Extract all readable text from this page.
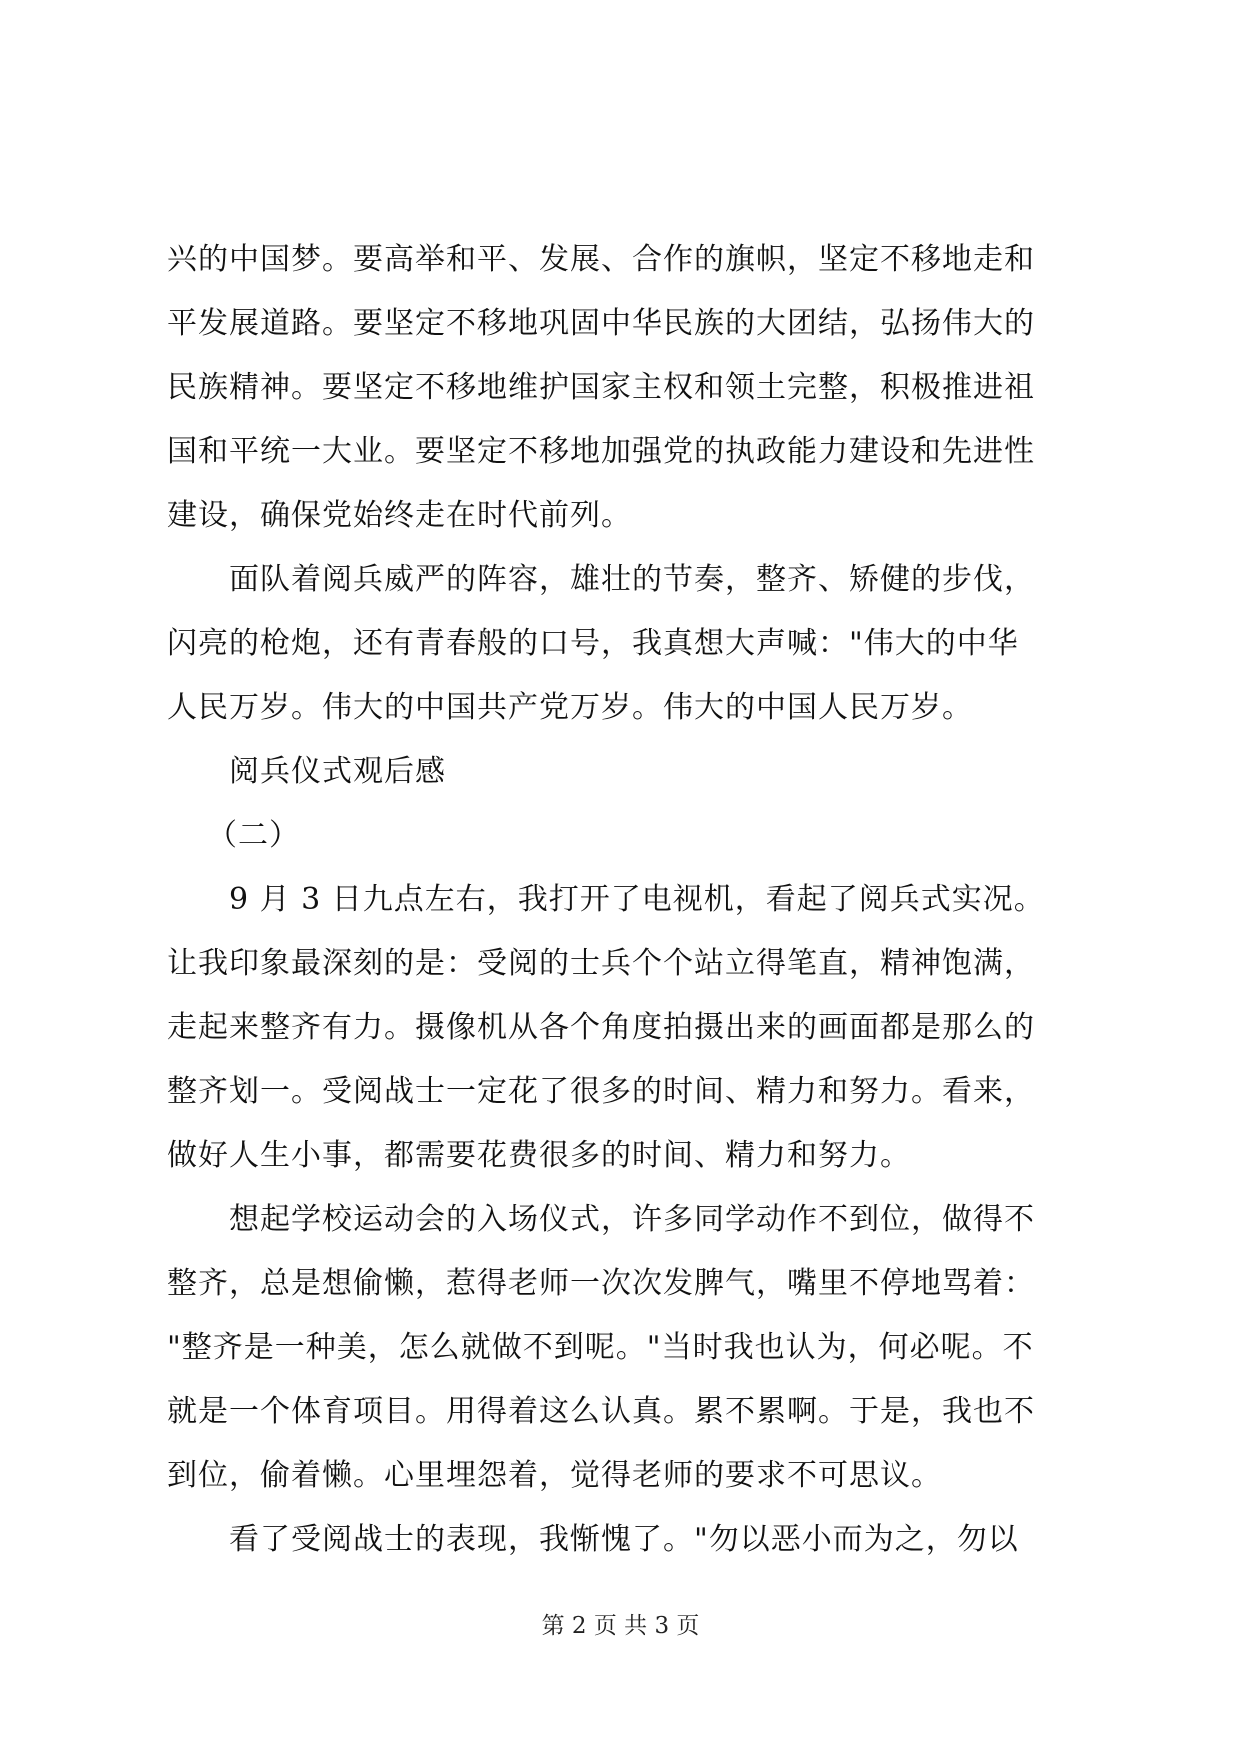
兴的中国梦。要高举和平、发展、合作的旗帜，坚定不移地走和
平发展道路。要坚定不移地巩固中华民族的大团结，弘扬伟大的
民族精神。要坚定不移地维护国家主权和领土完整，积极推进祖
国和平统一大业。要坚定不移地加强党的执政能力建设和先进性
建设，确保党始终走在时代前列。
面队着阅兵威严的阵容，雄壮的节奏，整齐、矫健的步伐，
闪亮的枪炮，还有青春般的口号，我真想大声喊："伟大的中华
人民万岁。伟大的中国共产党万岁。伟大的中国人民万岁。
阅兵仪式观后感
（二）
9 月 3 日九点左右，我打开了电视机，看起了阅兵式实况。
让我印象最深刻的是：受阅的士兵个个站立得笔直，精神饱满，
走起来整齐有力。摄像机从各个角度拍摄出来的画面都是那么的
整齐划一。受阅战士一定花了很多的时间、精力和努力。看来，
做好人生小事，都需要花费很多的时间、精力和努力。
想起学校运动会的入场仪式，许多同学动作不到位，做得不
整齐，总是想偷懒，惹得老师一次次发脾气，嘴里不停地骂着：
"整齐是一种美，怎么就做不到呢。"当时我也认为，何必呢。不
就是一个体育项目。用得着这么认真。累不累啊。于是，我也不
到位，偷着懒。心里埋怨着，觉得老师的要求不可思议。
看了受阅战士的表现，我惭愧了。"勿以恶小而为之，勿以
第 2 页 共 3 页
